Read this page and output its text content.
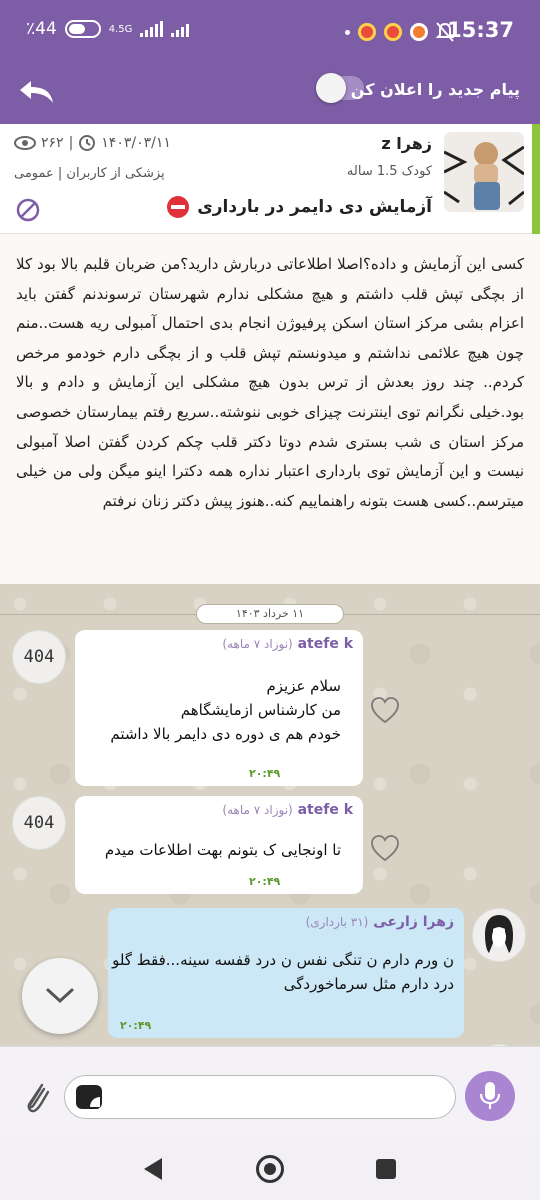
٪44	4.5G	15:37
پیام جدید را اعلان کن
زهرا z
کودک 1.5 ساله
۲۶۲ | ۱۴۰۳/۰۳/۱۱
پزشکی از کاربران | عمومی
آزمایش دی دایمر در بارداری
کسی این آزمایش و داده؟اصلا اطلاعاتی دربارش دارید؟من ضربان قلبم بالا بود کلا از بچگی تپش قلب داشتم و هیچ مشکلی ندارم شهرستان ترسوندنم گفتن باید اعزام بشی مرکز استان اسکن پرفیوژن انجام بدی احتمال آمبولی ریه هست..منم چون هیچ علائمی نداشتم و میدونستم تپش قلب و از بچگی دارم خودمو مرخص کردم.. چند روز بعدش از ترس بدون هیچ مشکلی این آزمایش و دادم و بالا بود.خیلی نگرانم توی اینترنت چیزای خوبی ننوشته..سریع رفتم بیمارستان خصوصی مرکز استان ی شب بستری شدم دوتا دکتر قلب چکم کردن گفتن اصلا آمبولی نیست و این آزمایش توی بارداری اعتبار نداره همه دکترا اینو میگن ولی من خیلی میترسم..کسی هست بتونه راهنماییم کنه..هنوز پیش دکتر زنان نرفتم
۱۱ خرداد ۱۴۰۳
404
atefe k (نوزاد ۷ ماهه)
سلام عزیزم
من کارشناس ازمایشگاهم
خودم هم ی دوره دی دایمر بالا داشتم
۲۰:۴۹
404
atefe k (نوزاد ۷ ماهه)
تا اونجایی ک بتونم بهت اطلاعات میدم
۲۰:۴۹
زهرا زارعی (۳۱ بارداری)
ن ورم دارم ن تنگی نفس ن درد قفسه سینه...فقط گلو
درد دارم مثل سرماخوردگی
۲۰:۴۹
